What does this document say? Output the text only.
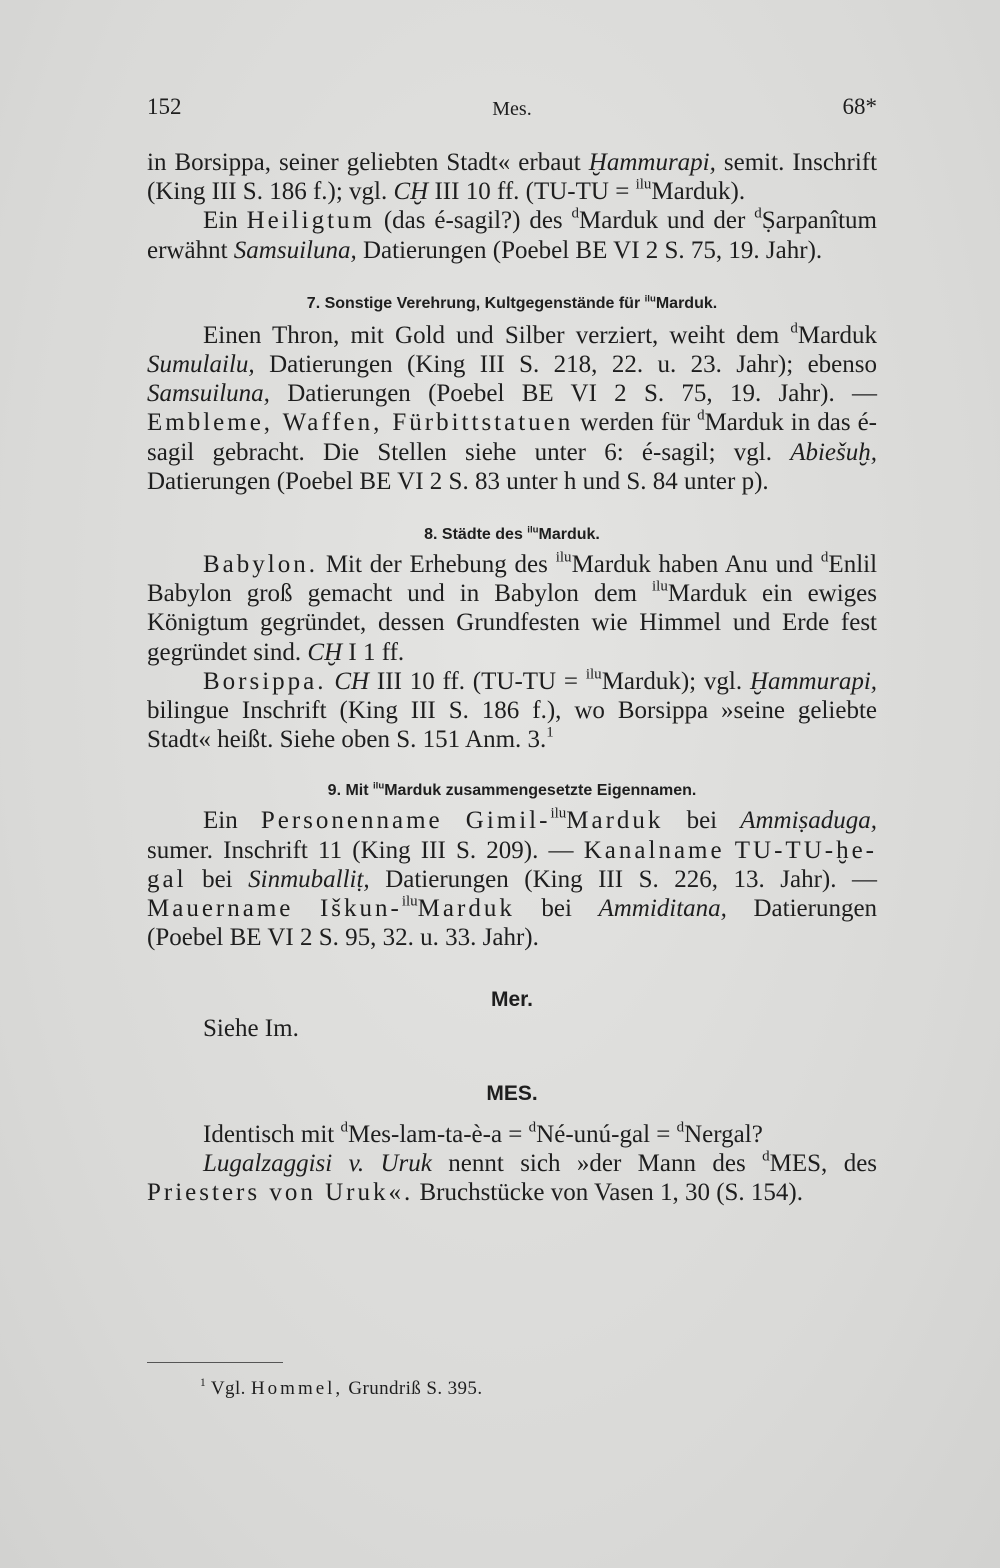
Mes.
152	68*

in Borsippa, seiner geliebten Stadt« erbaut Ḫammurapi, semit. Inschrift (King III S. 186 f.); vgl. CḪ III 10 ff. (TU-TU = $^{ilu}$Marduk).

Ein Heiligtum (das é-sagil?) des $^d$Marduk und der $^d$Ṣarpanîtum erwähnt Samsuiluna, Datierungen (Poebel BE VI 2 S. 75, 19. Jahr).

7. Sonstige Verehrung, Kultgegenstände für $^{ilu}$Marduk.

Einen Thron, mit Gold und Silber verziert, weiht dem $^d$Marduk Sumulailu, Datierungen (King III S. 218, 22. u. 23. Jahr); ebenso Samsuiluna, Datierungen (Poebel BE VI 2 S. 75, 19. Jahr). — Embleme, Waffen, Fürbittstatuen werden für $^d$Marduk in das é-sagil gebracht. Die Stellen siehe unter 6: é-sagil; vgl. Abiešuḫ, Datierungen (Poebel BE VI 2 S. 83 unter h und S. 84 unter p).

8. Städte des $^{ilu}$Marduk.

Babylon. Mit der Erhebung des $^{ilu}$Marduk haben Anu und $^d$Enlil Babylon groß gemacht und in Babylon dem $^{ilu}$Marduk ein ewiges Königtum gegründet, dessen Grundfesten wie Himmel und Erde fest gegründet sind. CḪ I 1 ff.

Borsippa. CH III 10 ff. (TU-TU = $^{ilu}$Marduk); vgl. Ḫammurapi, bilingue Inschrift (King III S. 186 f.), wo Borsippa »seine geliebte Stadt« heißt. Siehe oben S. 151 Anm. 3.$^1$

9. Mit $^{ilu}$Marduk zusammengesetzte Eigennamen.

Ein Personenname Gimil-$^{ilu}$Marduk bei Ammiṣaduga, sumer. Inschrift 11 (King III S. 209). — Kanalname TU-TU-ḫe-gal bei Sinmuballiṭ, Datierungen (King III S. 226, 13. Jahr). — Mauername Iškun-$^{ilu}$Marduk bei Ammiditana, Datierungen (Poebel BE VI 2 S. 95, 32. u. 33. Jahr).

Mer.

Siehe Im.

MES.

Identisch mit $^d$Mes-lam-ta-è-a = $^d$Né-unú-gal = $^d$Nergal?

Lugalzaggisi v. Uruk nennt sich »der Mann des $^d$MES, des Priesters von Uruk«. Bruchstücke von Vasen 1, 30 (S. 154).

$^1$ Vgl. Hommel, Grundriß S. 395.
